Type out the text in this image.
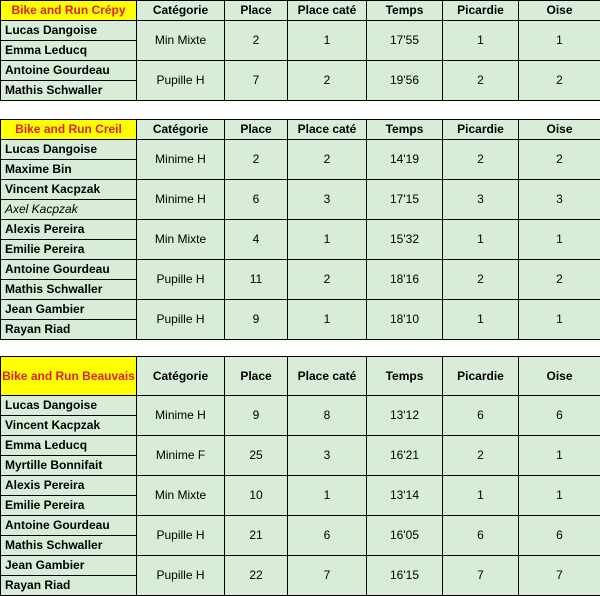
Bike and Run Crépy	Catégorie	Place	Place caté	Temps	Picardie	Oise
Lucas Dangoise	Min Mixte	2	1	17'55	1	1
Emma Leducq						
Antoine Gourdeau	Pupille H	7	2	19'56	2	2
Mathis Schwaller						
Bike and Run Creil	Catégorie	Place	Place caté	Temps	Picardie	Oise
Lucas Dangoise	Minime H	2	2	14'19	2	2
Maxime Bin						
Vincent Kacpzak	Minime H	6	3	17'15	3	3
Axel Kacpzak						
Alexis Pereira	Min Mixte	4	1	15'32	1	1
Emilie Pereira						
Antoine Gourdeau	Pupille H	11	2	18'16	2	2
Mathis Schwaller						
Jean Gambier	Pupille H	9	1	18'10	1	1
Rayan Riad						
Bike and Run Beauvais	Catégorie	Place	Place caté	Temps	Picardie	Oise
Lucas Dangoise	Minime H	9	8	13'12	6	6
Vincent Kacpzak						
Emma Leducq	Minime F	25	3	16'21	2	1
Myrtille Bonnifait						
Alexis Pereira	Min Mixte	10	1	13'14	1	1
Emilie Pereira						
Antoine Gourdeau	Pupille H	21	6	16'05	6	6
Mathis Schwaller						
Jean Gambier	Pupille H	22	7	16'15	7	7
Rayan Riad						
